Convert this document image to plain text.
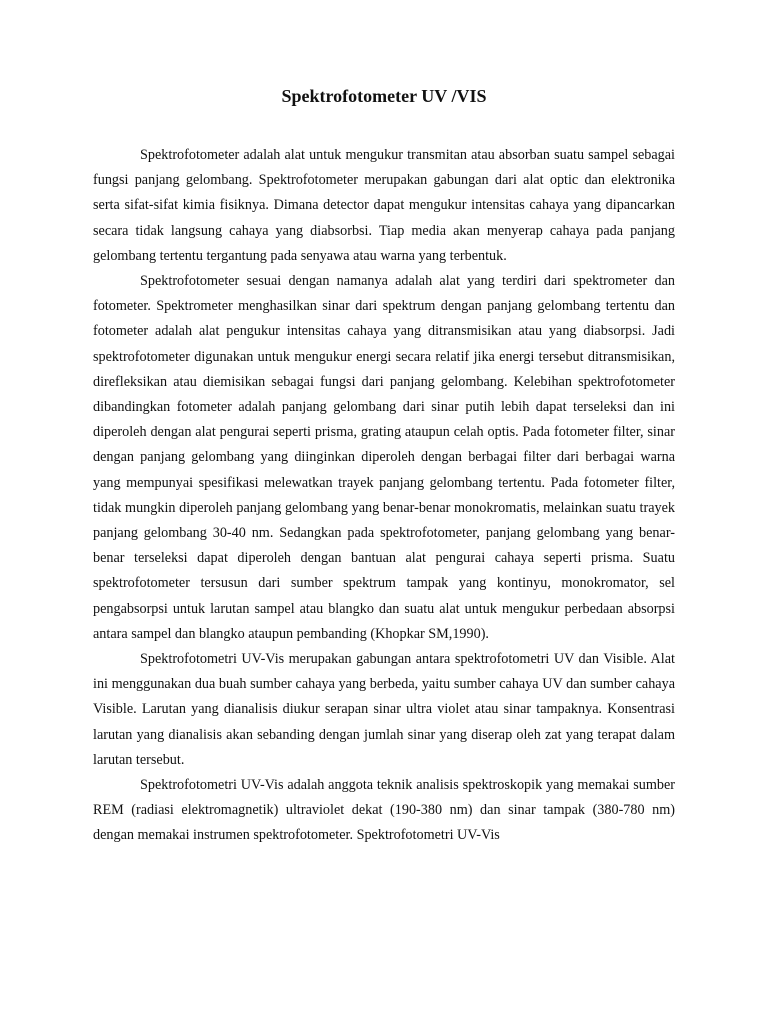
Spektrofotometer UV /VIS

Spektrofotometer adalah alat untuk mengukur transmitan atau absorban suatu sampel sebagai fungsi panjang gelombang. Spektrofotometer merupakan gabungan dari alat optic dan elektronika serta sifat-sifat kimia fisiknya. Dimana detector dapat mengukur intensitas cahaya yang dipancarkan secara tidak langsung cahaya yang diabsorbsi. Tiap media akan menyerap cahaya pada panjang gelombang tertentu tergantung pada senyawa atau warna yang terbentuk.

Spektrofotometer sesuai dengan namanya adalah alat yang terdiri dari spektrometer dan fotometer. Spektrometer menghasilkan sinar dari spektrum dengan panjang gelombang tertentu dan fotometer adalah alat pengukur intensitas cahaya yang ditransmisikan atau yang diabsorpsi. Jadi spektrofotometer digunakan untuk mengukur energi secara relatif jika energi tersebut ditransmisikan, direfleksikan atau diemisikan sebagai fungsi dari panjang gelombang. Kelebihan spektrofotometer dibandingkan fotometer adalah panjang gelombang dari sinar putih lebih dapat terseleksi dan ini diperoleh dengan alat pengurai seperti prisma, grating ataupun celah optis. Pada fotometer filter, sinar dengan panjang gelombang yang diinginkan diperoleh dengan berbagai filter dari berbagai warna yang mempunyai spesifikasi melewatkan trayek panjang gelombang tertentu. Pada fotometer filter, tidak mungkin diperoleh panjang gelombang yang benar-benar monokromatis, melainkan suatu trayek panjang gelombang 30-40 nm. Sedangkan pada spektrofotometer, panjang gelombang yang benar-benar terseleksi dapat diperoleh dengan bantuan alat pengurai cahaya seperti prisma. Suatu spektrofotometer tersusun dari sumber spektrum tampak yang kontinyu, monokromator, sel pengabsorpsi untuk larutan sampel atau blangko dan suatu alat untuk mengukur perbedaan absorpsi antara sampel dan blangko ataupun pembanding (Khopkar SM,1990).

Spektrofotometri UV-Vis merupakan gabungan antara spektrofotometri UV dan Visible. Alat ini menggunakan dua buah sumber cahaya yang berbeda, yaitu sumber cahaya UV dan sumber cahaya Visible. Larutan yang dianalisis diukur serapan sinar ultra violet atau sinar tampaknya. Konsentrasi larutan yang dianalisis akan sebanding dengan jumlah sinar yang diserap oleh zat yang terapat dalam larutan tersebut.

Spektrofotometri UV-Vis adalah anggota teknik analisis spektroskopik yang memakai sumber REM (radiasi elektromagnetik) ultraviolet dekat (190-380 nm) dan sinar tampak (380-780 nm) dengan memakai instrumen spektrofotometer. Spektrofotometri UV-Vis
